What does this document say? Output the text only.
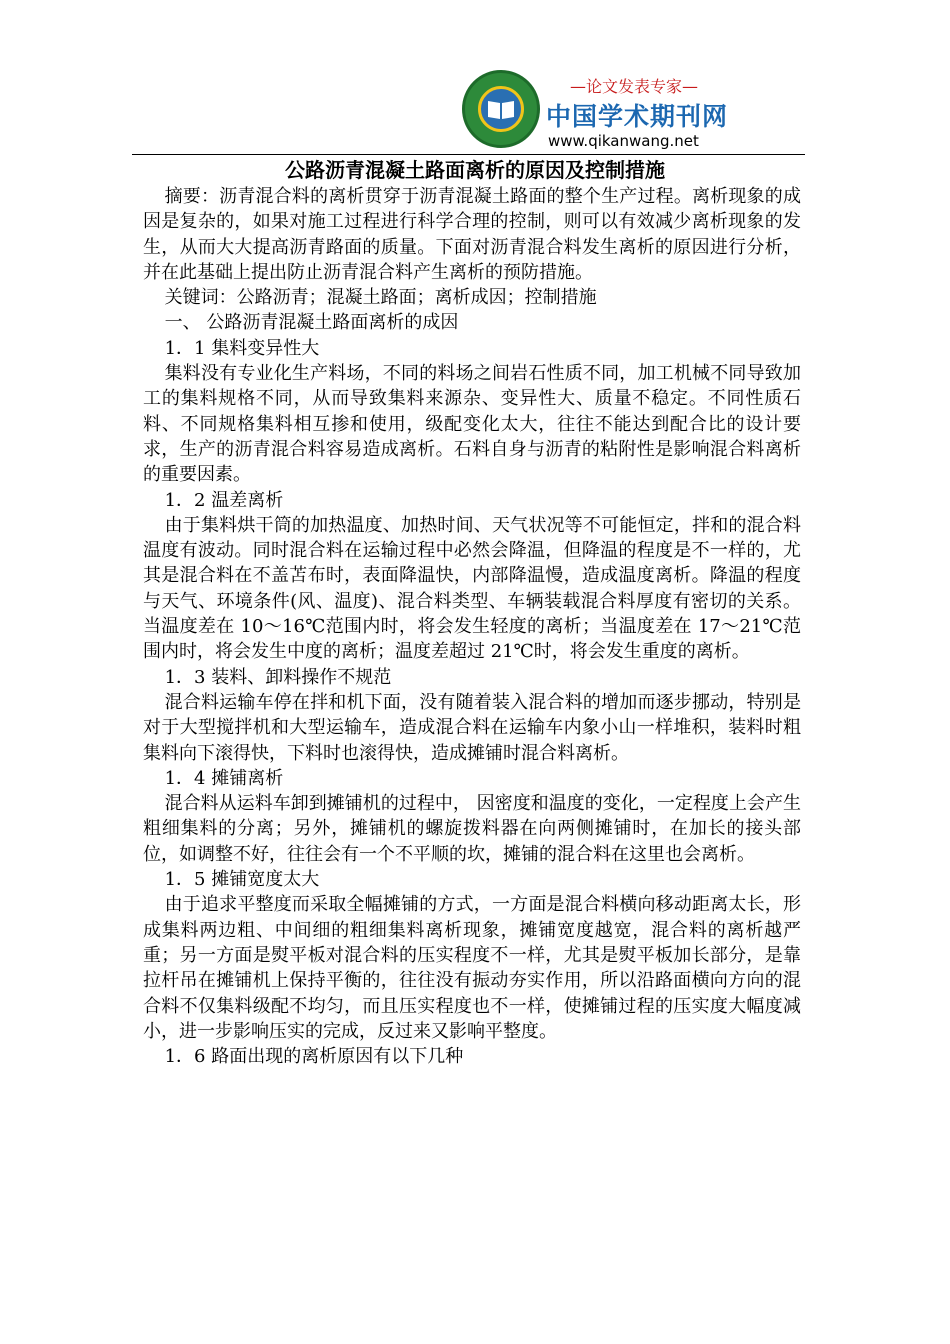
—论文发表专家—
中国学术期刊网
www.qikanwang.net
公路沥青混凝土路面离析的原因及控制措施

摘要：沥青混合料的离析贯穿于沥青混凝土路面的整个生产过程。离析现象的成因是复杂的，如果对施工过程进行科学合理的控制，则可以有效减少离析现象的发生，从而大大提高沥青路面的质量。下面对沥青混合料发生离析的原因进行分析，并在此基础上提出防止沥青混合料产生离析的预防措施。

关键词：公路沥青；混凝土路面；离析成因；控制措施

一、 公路沥青混凝土路面离析的成因

1．1 集料变异性大

集料没有专业化生产料场，不同的料场之间岩石性质不同，加工机械不同导致加工的集料规格不同，从而导致集料来源杂、变异性大、质量不稳定。不同性质石料、不同规格集料相互掺和使用，级配变化太大，往往不能达到配合比的设计要求，生产的沥青混合料容易造成离析。石料自身与沥青的粘附性是影响混合料离析的重要因素。

1．2 温差离析

由于集料烘干筒的加热温度、加热时间、天气状况等不可能恒定，拌和的混合料温度有波动。同时混合料在运输过程中必然会降温，但降温的程度是不一样的，尤其是混合料在不盖苫布时，表面降温快，内部降温慢，造成温度离析。降温的程度与天气、环境条件(风、温度)、混合料类型、车辆装载混合料厚度有密切的关系。当温度差在 10～16℃范围内时，将会发生轻度的离析；当温度差在 17～21℃范围内时，将会发生中度的离析；温度差超过 21℃时，将会发生重度的离析。

1．3 装料、卸料操作不规范

混合料运输车停在拌和机下面，没有随着装入混合料的增加而逐步挪动，特别是对于大型搅拌机和大型运输车，造成混合料在运输车内象小山一样堆积，装料时粗集料向下滚得快，下料时也滚得快，造成摊铺时混合料离析。

1．4 摊铺离析

混合料从运料车卸到摊铺机的过程中， 因密度和温度的变化，一定程度上会产生粗细集料的分离；另外，摊铺机的螺旋拨料器在向两侧摊铺时，在加长的接头部位，如调整不好，往往会有一个不平顺的坎，摊铺的混合料在这里也会离析。

1．5 摊铺宽度太大

由于追求平整度而采取全幅摊铺的方式，一方面是混合料横向移动距离太长，形成集料两边粗、中间细的粗细集料离析现象，摊铺宽度越宽，混合料的离析越严重；另一方面是熨平板对混合料的压实程度不一样，尤其是熨平板加长部分，是靠拉杆吊在摊铺机上保持平衡的，往往没有振动夯实作用，所以沿路面横向方向的混合料不仅集料级配不均匀，而且压实程度也不一样，使摊铺过程的压实度大幅度减小，进一步影响压实的完成，反过来又影响平整度。

1．6 路面出现的离析原因有以下几种
